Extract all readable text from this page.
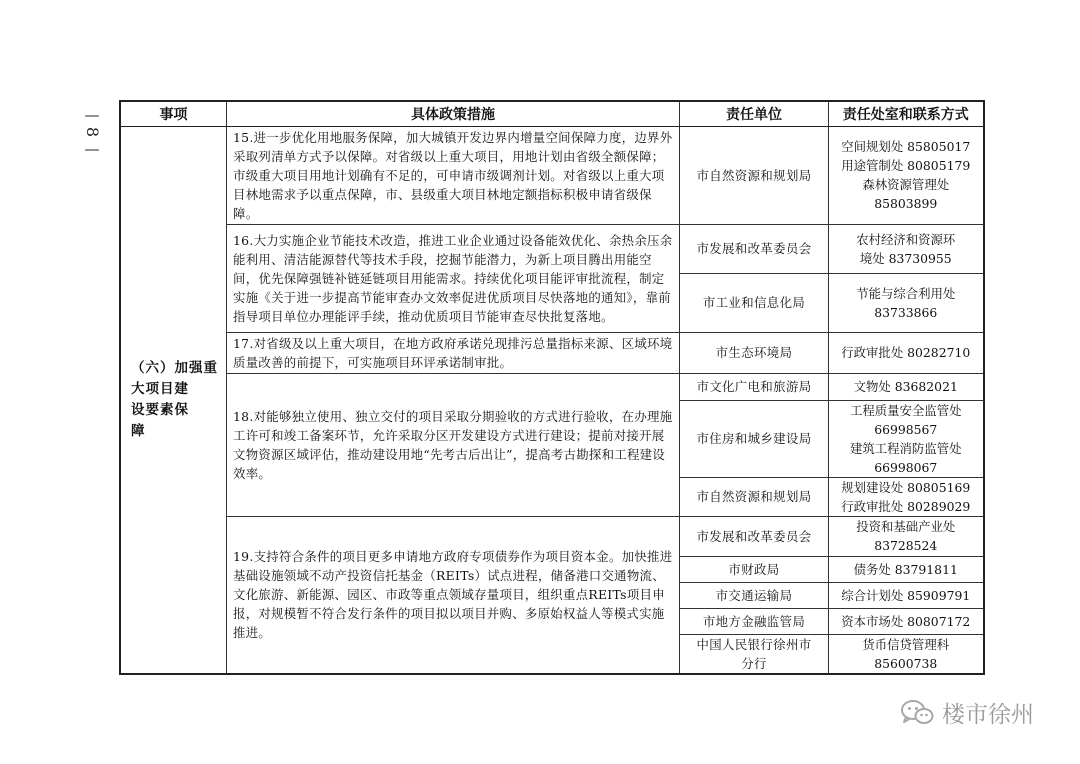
—
8
—
事项	具体政策措施	责任单位	责任处室和联系方式

（六）加强重
大项目建
设要素保
障	15.进一步优化用地服务保障，加大城镇开发边界内增量空间保障力度，边界外采取列清单方式予以保障。对省级以上重大项目，用地计划由省级全额保障；市级重大项目用地计划确有不足的，可申请市级调剂计划。对省级以上重大项目林地需求予以重点保障，市、县级重大项目林地定额指标积极申请省级保障。	市自然资源和规划局	空间规划处 85805017
用途管制处 80805179
森林资源管理处
85803899

	16.大力实施企业节能技术改造，推进工业企业通过设备能效优化、余热余压余能利用、清洁能源替代等技术手段，挖掘节能潜力，为新上项目腾出用能空间，优先保障强链补链延链项目用能需求。持续优化项目能评审批流程，制定实施《关于进一步提高节能审查办文效率促进优质项目尽快落地的通知》，靠前指导项目单位办理能评手续，推动优质项目节能审查尽快批复落地。	市发展和改革委员会	农村经济和资源环
境处 83730955

		市工业和信息化局	节能与综合利用处
83733866

	17.对省级及以上重大项目，在地方政府承诺兑现排污总量指标来源、区域环境质量改善的前提下，可实施项目环评承诺制审批。	市生态环境局	行政审批处 80282710
	18.对能够独立使用、独立交付的项目采取分期验收的方式进行验收，在办理施工许可和竣工备案环节，允许采取分区开发建设方式进行建设；提前对接开展文物资源区域评估，推动建设用地“先考古后出让”，提高考古勘探和工程建设效率。	市文化广电和旅游局	文物处 83682021
		市住房和城乡建设局	工程质量安全监管处
66998567
建筑工程消防监管处
66998067

		市自然资源和规划局	规划建设处 80805169
行政审批处 80289029

	19.支持符合条件的项目更多申请地方政府专项债券作为项目资本金。加快推进基础设施领域不动产投资信托基金（REITs）试点进程，储备港口交通物流、文化旅游、新能源、园区、市政等重点领域存量项目，组织重点REITs项目申报，对规模暂不符合发行条件的项目拟以项目并购、多原始权益人等模式实施推进。	市发展和改革委员会	投资和基础产业处
83728524

		市财政局	债务处 83791811
		市交通运输局	综合计划处 85909791
		市地方金融监管局	资本市场处 80807172

		中国人民银行徐州市
分行	货币信贷管理科
85600738
楼市徐州
